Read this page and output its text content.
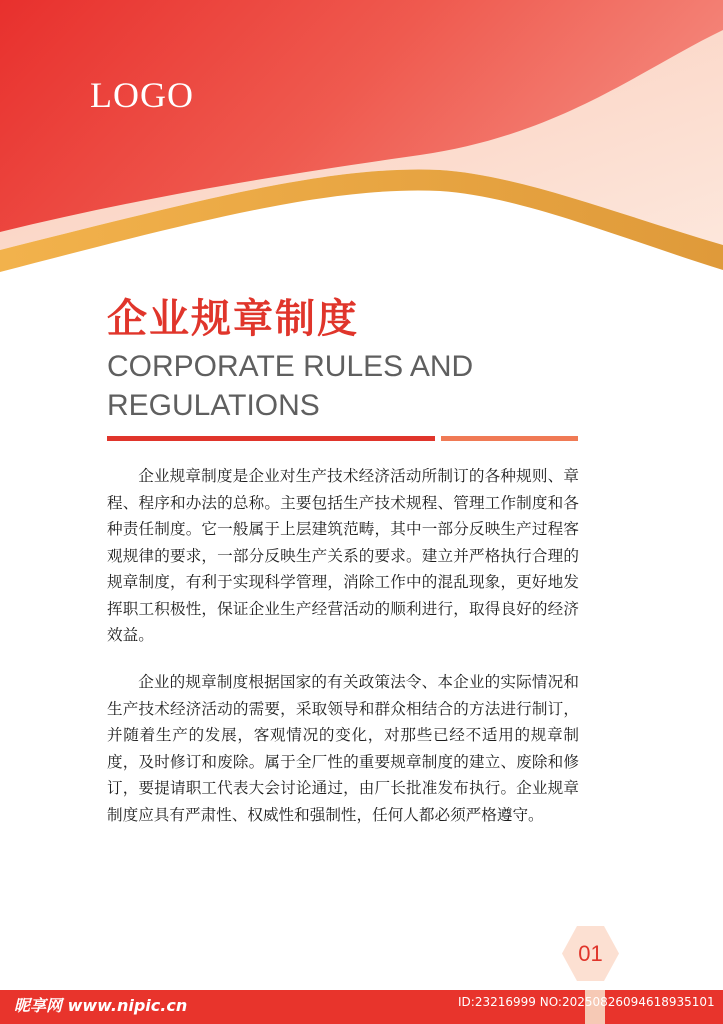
LOGO
企业规章制度
CORPORATE RULES AND
REGULATIONS

企业规章制度是企业对生产技术经济活动所制订的各种规则、章程、程序和办法的总称。主要包括生产技术规程、管理工作制度和各种责任制度。它一般属于上层建筑范畴，其中一部分反映生产过程客观规律的要求，一部分反映生产关系的要求。建立并严格执行合理的规章制度，有利于实现科学管理，消除工作中的混乱现象，更好地发挥职工积极性，保证企业生产经营活动的顺利进行，取得良好的经济效益。

企业的规章制度根据国家的有关政策法令、本企业的实际情况和生产技术经济活动的需要，采取领导和群众相结合的方法进行制订，并随着生产的发展，客观情况的变化，对那些已经不适用的规章制度，及时修订和废除。属于全厂性的重要规章制度的建立、废除和修订，要提请职工代表大会讨论通过，由厂长批准发布执行。企业规章制度应具有严肃性、权威性和强制性，任何人都必须严格遵守。

01
昵享网 www.nipic.cn	ID:23216999 NO:20250826094618935101
